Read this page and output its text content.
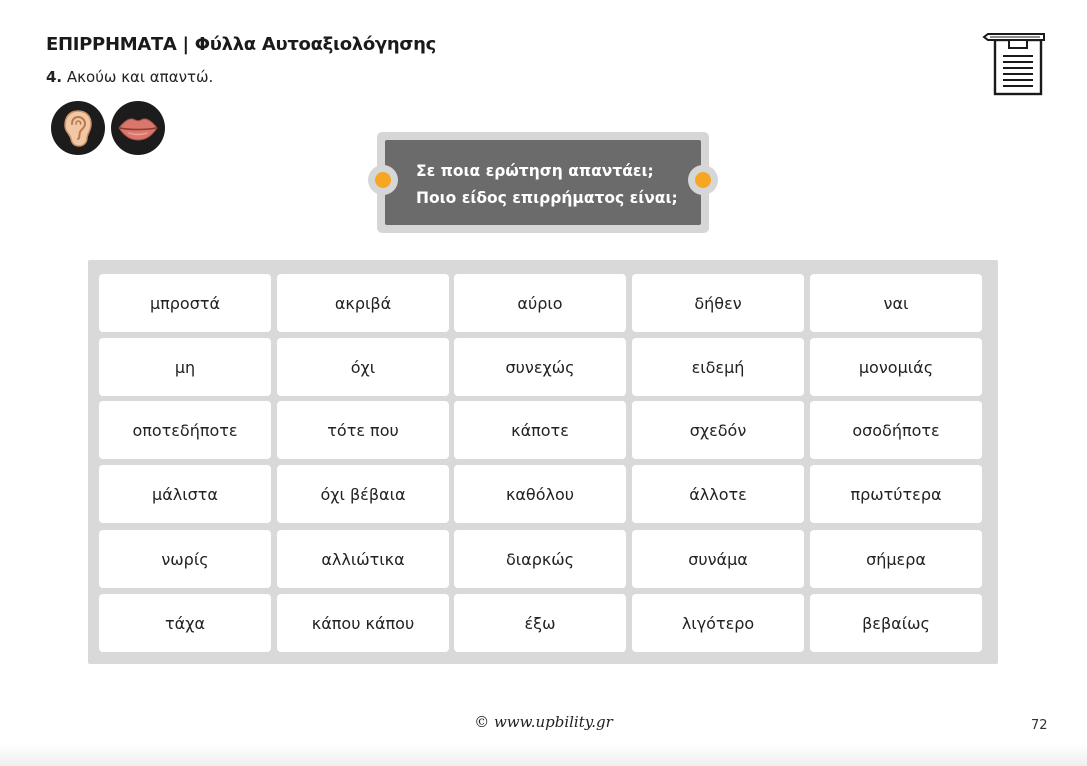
ΕΠΙΡΡΗΜΑΤΑ | Φύλλα Αυτοαξιολόγησης
4. Ακούω και απαντώ.
Σε ποια ερώτηση απαντάει;
Ποιο είδος επιρρήματος είναι;
μπροστά	ακριβά	αύριο	δήθεν	ναι
μη	όχι	συνεχώς	ειδεμή	μονομιάς
οποτεδήποτε	τότε που	κάποτε	σχεδόν	οσοδήποτε
μάλιστα	όχι βέβαια	καθόλου	άλλοτε	πρωτύτερα
νωρίς	αλλιώτικα	διαρκώς	συνάμα	σήμερα
τάχα	κάπου κάπου	έξω	λιγότερο	βεβαίως
© www.upbility.gr	72
